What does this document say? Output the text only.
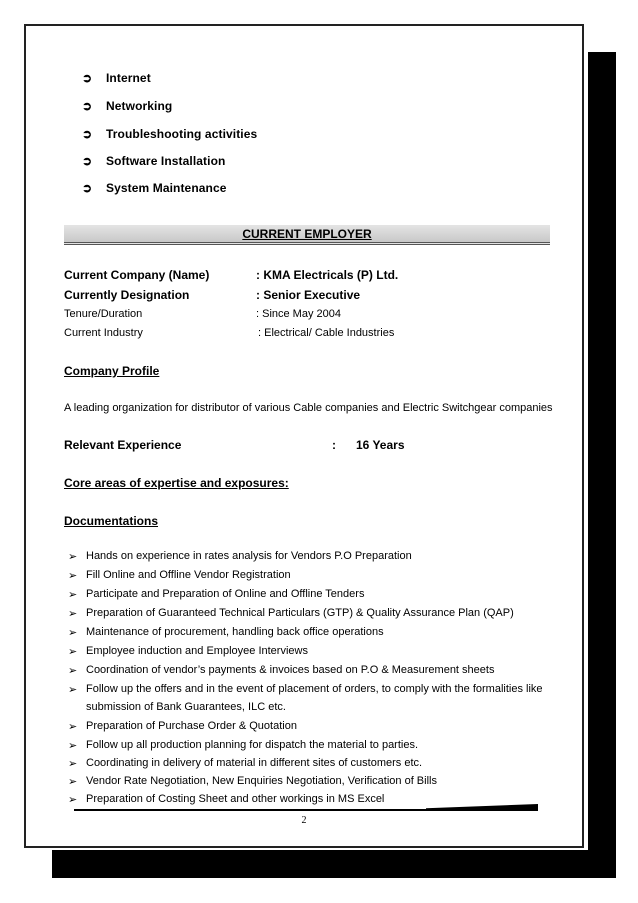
➲ Internet
➲ Networking
➲ Troubleshooting activities
➲ Software Installation
➲ System Maintenance
CURRENT EMPLOYER
Current Company (Name)	: KMA Electricals (P) Ltd.
Currently Designation	: Senior Executive
Tenure/Duration	: Since May 2004
Current Industry	: Electrical/ Cable Industries
Company Profile
A leading organization for distributor of various Cable companies and Electric Switchgear companies
Relevant Experience	: 16 Years
Core areas of expertise and exposures:
Documentations
➢ Hands on experience in rates analysis for Vendors P.O Preparation
➢ Fill Online and Offline Vendor Registration
➢ Participate and Preparation of Online and Offline Tenders
➢ Preparation of Guaranteed Technical Particulars (GTP) & Quality Assurance Plan (QAP)
➢ Maintenance of procurement, handling back office operations
➢ Employee induction and Employee Interviews
➢ Coordination of vendor’s payments & invoices based on P.O & Measurement sheets
➢ Follow up the offers and in the event of placement of orders, to comply with the formalities like
submission of Bank Guarantees, ILC etc.
➢ Preparation of Purchase Order & Quotation
➢ Follow up all production planning for dispatch the material to parties.
➢ Coordinating in delivery of material in different sites of customers etc.
➢ Vendor Rate Negotiation, New Enquiries Negotiation, Verification of Bills
➢ Preparation of Costing Sheet and other workings in MS Excel
2
